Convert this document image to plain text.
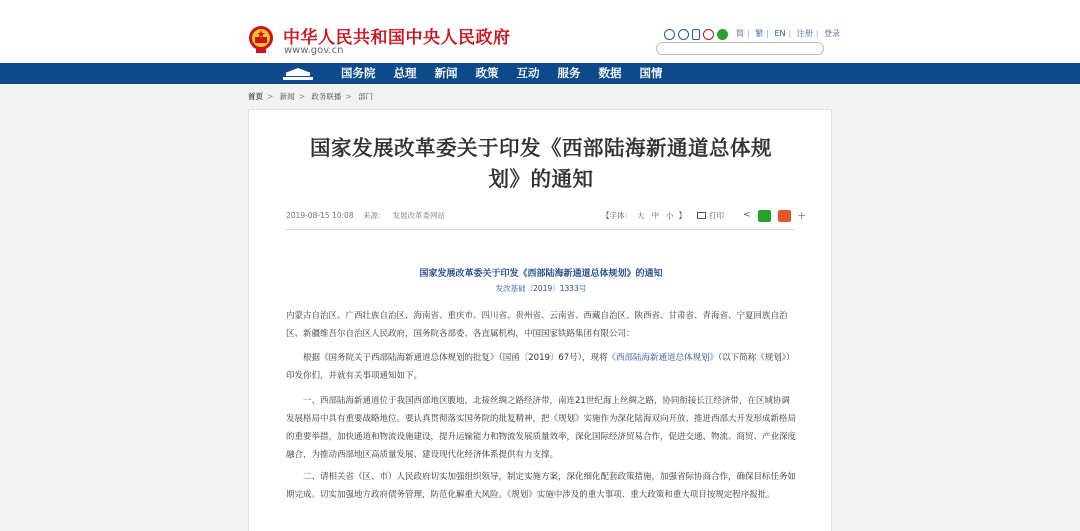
中华人民共和国中央人民政府
www.gov.cn
简 | 繁 | EN | 注册 | 登录
国务院	总理	新闻	政策	互动	服务	数据	国情
首页 > 新闻 > 政务联播 > 部门
国家发展改革委关于印发《西部陆海新通道总体规划》的通知
2019-08-15 10:08 来源： 发展改革委网站	【字体： 大 中 小 】	打印
<	+
国家发展改革委关于印发《西部陆海新通道总体规划》的通知
发改基础〔2019〕1333号

内蒙古自治区、广西壮族自治区、海南省、重庆市、四川省、贵州省、云南省、西藏自治区、陕西省、甘肃省、青海省、宁夏回族自治区、新疆维吾尔自治区人民政府，国务院各部委、各直属机构，中国国家铁路集团有限公司：

根据《国务院关于西部陆海新通道总体规划的批复》（国函〔2019〕67号），现将《西部陆海新通道总体规划》（以下简称《规划》）印发你们，并就有关事项通知如下。

一、西部陆海新通道位于我国西部地区腹地，北接丝绸之路经济带，南连21世纪海上丝绸之路，协同衔接长江经济带，在区域协调发展格局中具有重要战略地位。要认真贯彻落实国务院的批复精神，把《规划》实施作为深化陆海双向开放、推进西部大开发形成新格局的重要举措，加快通道和物流设施建设，提升运输能力和物流发展质量效率，深化国际经济贸易合作，促进交通、物流、商贸、产业深度融合，为推动西部地区高质量发展、建设现代化经济体系提供有力支撑。

二、请相关省（区、市）人民政府切实加强组织领导，制定实施方案，深化细化配套政策措施，加强省际协商合作，确保目标任务如期完成。切实加强地方政府债务管理，防范化解重大风险。《规划》实施中涉及的重大事项、重大政策和重大项目按规定程序报批。
